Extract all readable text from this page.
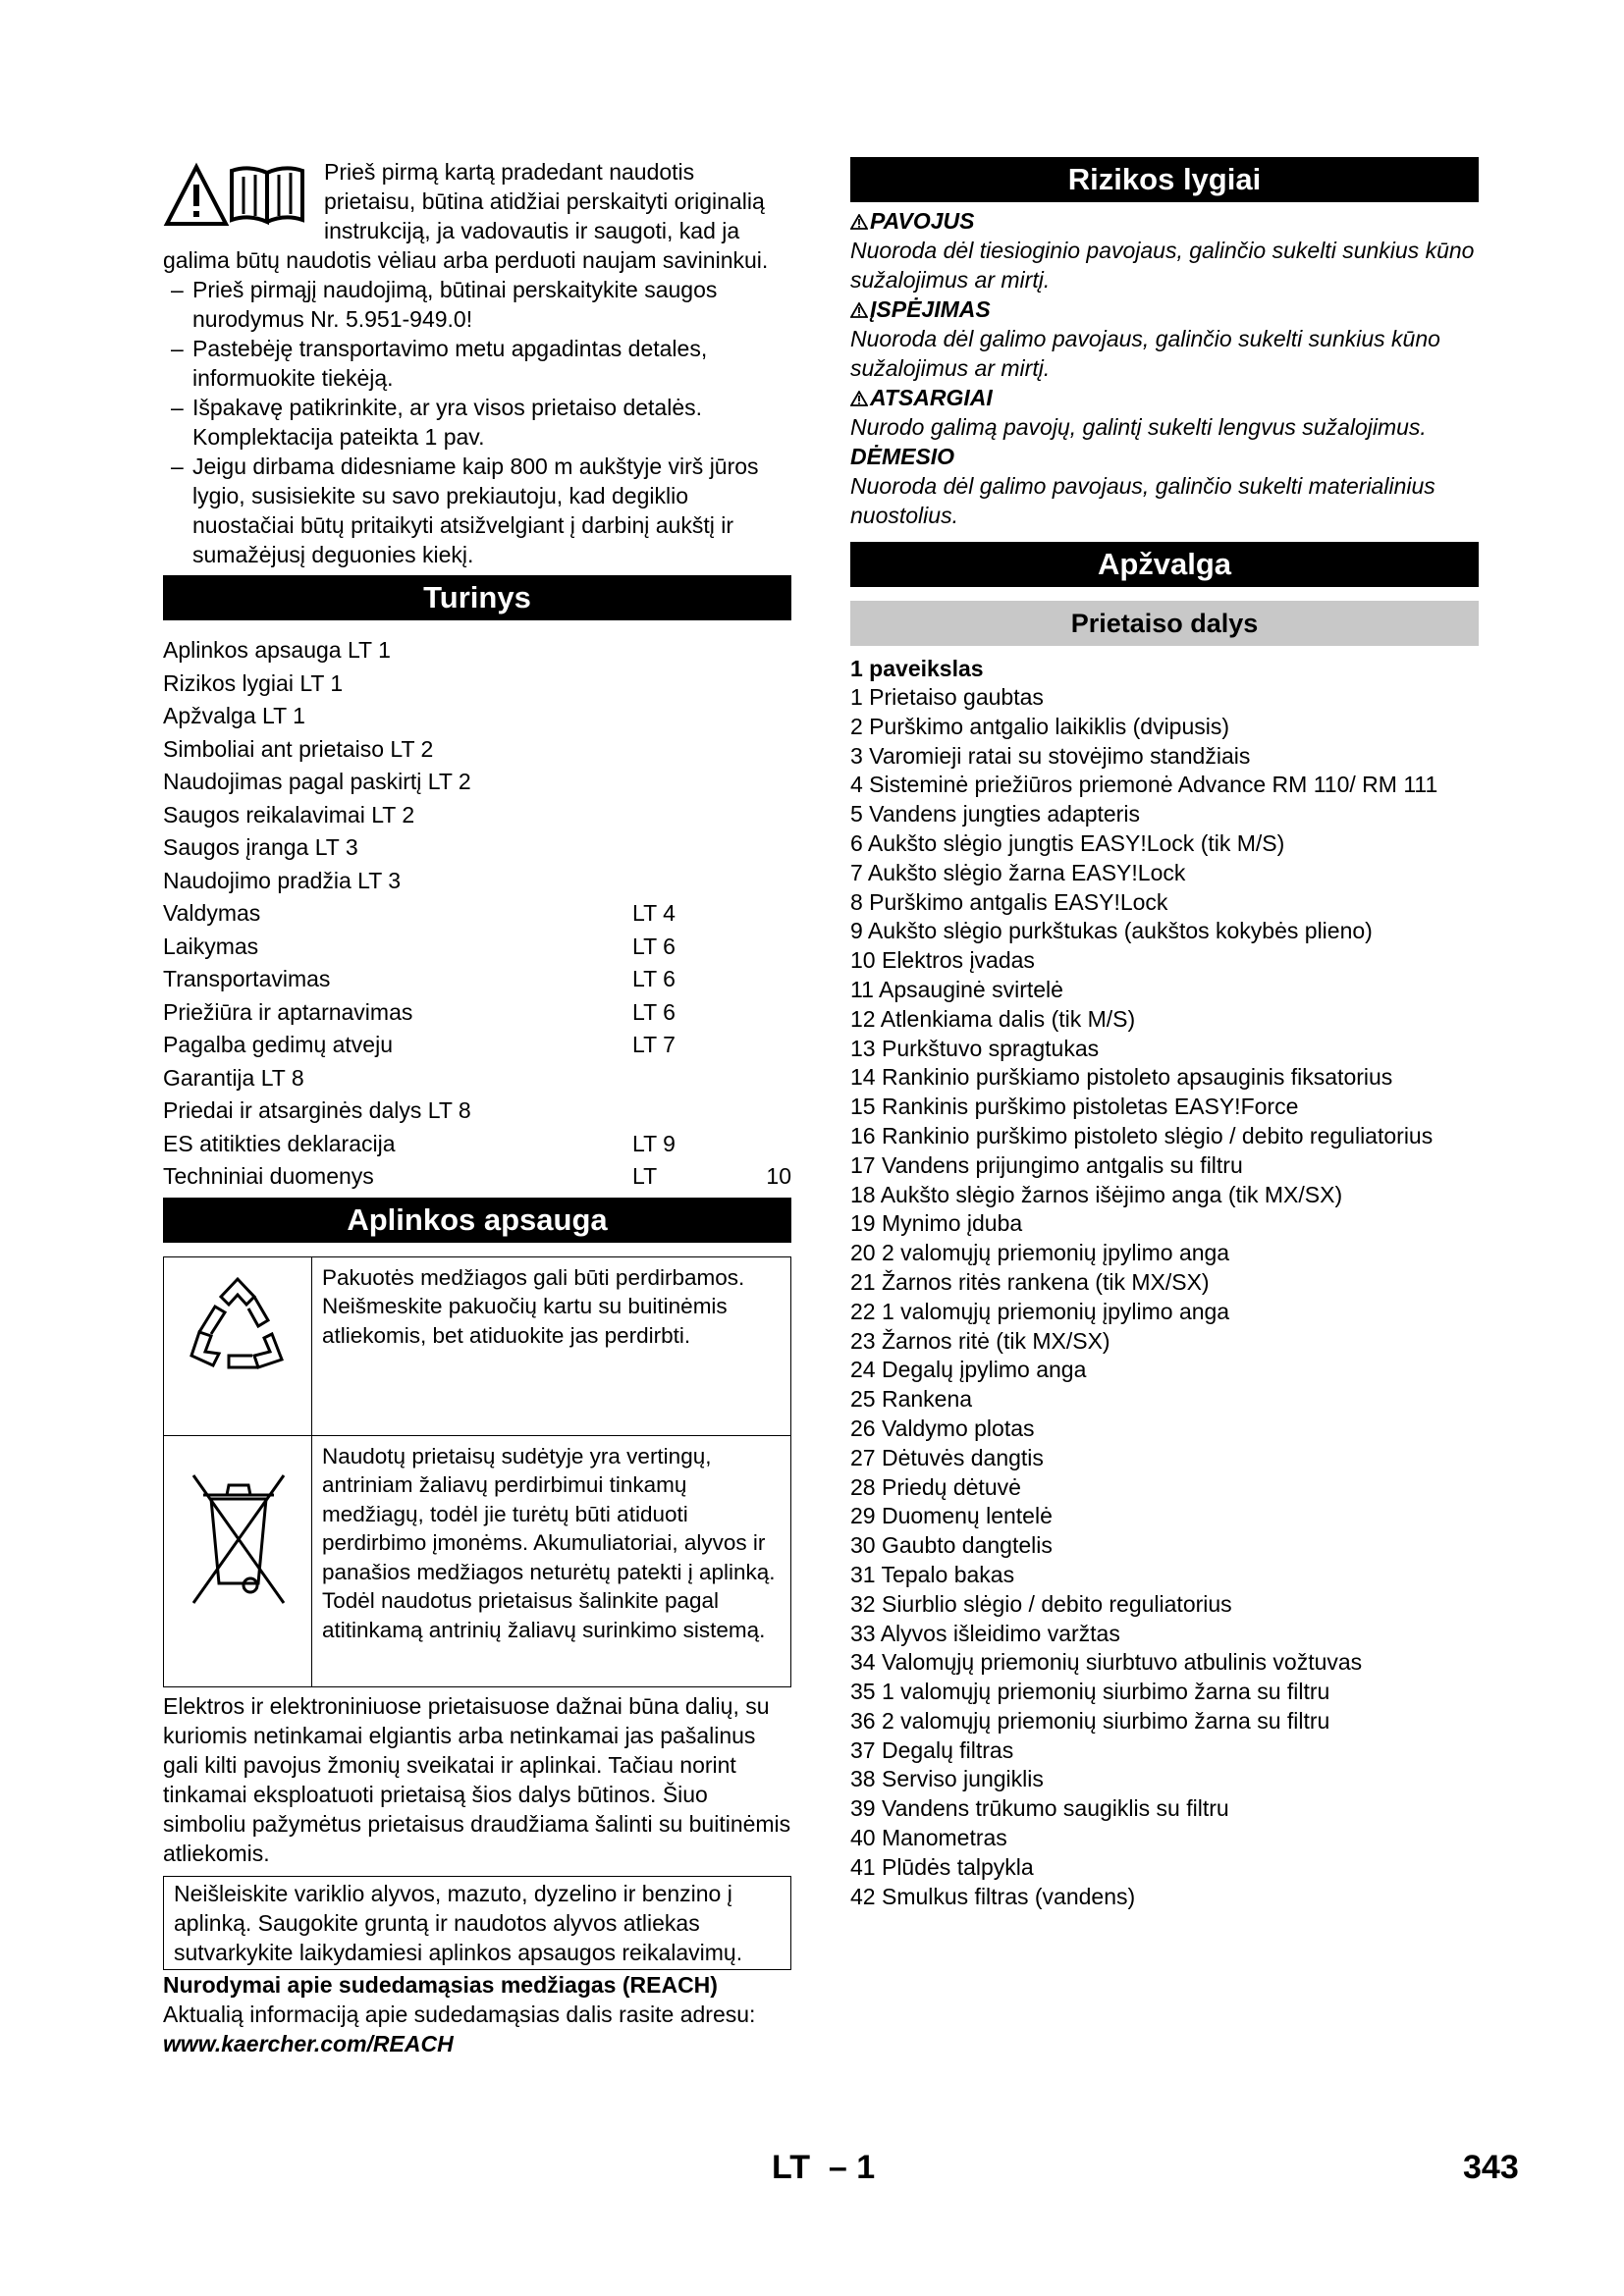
Prieš pirmą kartą pradedant naudotis prietaisu, būtina atidžiai perskaityti originalią instrukciją, ja vadovautis ir saugoti, kad ja galima būtų naudotis vėliau arba perduoti naujam savininkui.

– Prieš pirmąjį naudojimą, būtinai perskaitykite saugos nurodymus Nr. 5.951-949.0!

– Pastebėję transportavimo metu apgadintas detales, informuokite tiekėją.

– Išpakavę patikrinkite, ar yra visos prietaiso detalės. Komplektacija pateikta 1 pav.

– Jeigu dirbama didesniame kaip 800 m aukštyje virš jūros lygio, susisiekite su savo prekiautoju, kad degiklio nuostačiai būtų pritaikyti atsižvelgiant į darbinį aukštį ir sumažėjusį deguonies kiekį.

Turinys
Aplinkos apsauga LT 1
Rizikos lygiai LT 1
Apžvalga LT 1
Simboliai ant prietaiso LT 2
Naudojimas pagal paskirtį LT 2
Saugos reikalavimai LT 2
Saugos įranga LT 3
Naudojimo pradžia LT 3
Valdymas	LT 4
Laikymas	LT 6
Transportavimas	LT 6
Priežiūra ir aptarnavimas	LT 6
Pagalba gedimų atveju	LT 7
Garantija LT 8
Priedai ir atsarginės dalys LT 8
ES atitikties deklaracija	LT 9
Techniniai duomenys	LT	10
Aplinkos apsauga
	Pakuotės medžiagos gali būti perdirbamos. Neišmeskite pakuočių kartu su buitinėmis atliekomis, bet atiduokite jas perdirbti.
	Naudotų prietaisų sudėtyje yra vertingų, antriniam žaliavų perdirbimui tinkamų medžiagų, todėl jie turėtų būti atiduoti perdirbimo įmonėms. Akumuliatoriai, alyvos ir panašios medžiagos neturėtų patekti į aplinką. Todėl naudotus prietaisus šalinkite pagal atitinkamą antrinių žaliavų surinkimo sistemą.

Elektros ir elektroniniuose prietaisuose dažnai būna dalių, su kuriomis netinkamai elgiantis arba netinkamai jas pašalinus gali kilti pavojus žmonių sveikatai ir aplinkai. Tačiau norint tinkamai eksploatuoti prietaisą šios dalys būtinos. Šiuo simboliu pažymėtus prietaisus draudžiama šalinti su buitinėmis atliekomis.

Neišleiskite variklio alyvos, mazuto, dyzelino ir benzino į aplinką. Saugokite gruntą ir naudotos alyvos atliekas sutvarkykite laikydamiesi aplinkos apsaugos reikalavimų.

Nurodymai apie sudedamąsias medžiagas (REACH)

Aktualią informaciją apie sudedamąsias dalis rasite adresu:

www.kaercher.com/REACH

Rizikos lygiai

PAVOJUS

Nuoroda dėl tiesioginio pavojaus, galinčio sukelti sunkius kūno sužalojimus ar mirtį.

ĮSPĖJIMAS

Nuoroda dėl galimo pavojaus, galinčio sukelti sunkius kūno sužalojimus ar mirtį.

ATSARGIAI

Nurodo galimą pavojų, galintį sukelti lengvus sužalojimus.

DĖMESIO

Nuoroda dėl galimo pavojaus, galinčio sukelti materialinius nuostolius.

Apžvalga
Prietaiso dalys

1 paveikslas

1 Prietaiso gaubtas

2 Purškimo antgalio laikiklis (dvipusis)

3 Varomieji ratai su stovėjimo standžiais

4 Sisteminė priežiūros priemonė Advance RM 110/ RM 111

5 Vandens jungties adapteris

6 Aukšto slėgio jungtis EASY!Lock (tik M/S)

7 Aukšto slėgio žarna EASY!Lock

8 Purškimo antgalis EASY!Lock

9 Aukšto slėgio purkštukas (aukštos kokybės plieno)

10 Elektros įvadas

11 Apsauginė svirtelė

12 Atlenkiama dalis (tik M/S)

13 Purkštuvo spragtukas

14 Rankinio purškiamo pistoleto apsauginis fiksatorius

15 Rankinis purškimo pistoletas EASY!Force

16 Rankinio purškimo pistoleto slėgio / debito reguliatorius

17 Vandens prijungimo antgalis su filtru

18 Aukšto slėgio žarnos išėjimo anga (tik MX/SX)

19 Mynimo įduba

20 2 valomųjų priemonių įpylimo anga

21 Žarnos ritės rankena (tik MX/SX)

22 1 valomųjų priemonių įpylimo anga

23 Žarnos ritė (tik MX/SX)

24 Degalų įpylimo anga

25 Rankena

26 Valdymo plotas

27 Dėtuvės dangtis

28 Priedų dėtuvė

29 Duomenų lentelė

30 Gaubto dangtelis

31 Tepalo bakas

32 Siurblio slėgio / debito reguliatorius

33 Alyvos išleidimo varžtas

34 Valomųjų priemonių siurbtuvo atbulinis vožtuvas

35 1 valomųjų priemonių siurbimo žarna su filtru

36 2 valomųjų priemonių siurbimo žarna su filtru

37 Degalų filtras

38 Serviso jungiklis

39 Vandens trūkumo saugiklis su filtru

40 Manometras

41 Plūdės talpykla

42 Smulkus filtras (vandens)

LT – 1	343
